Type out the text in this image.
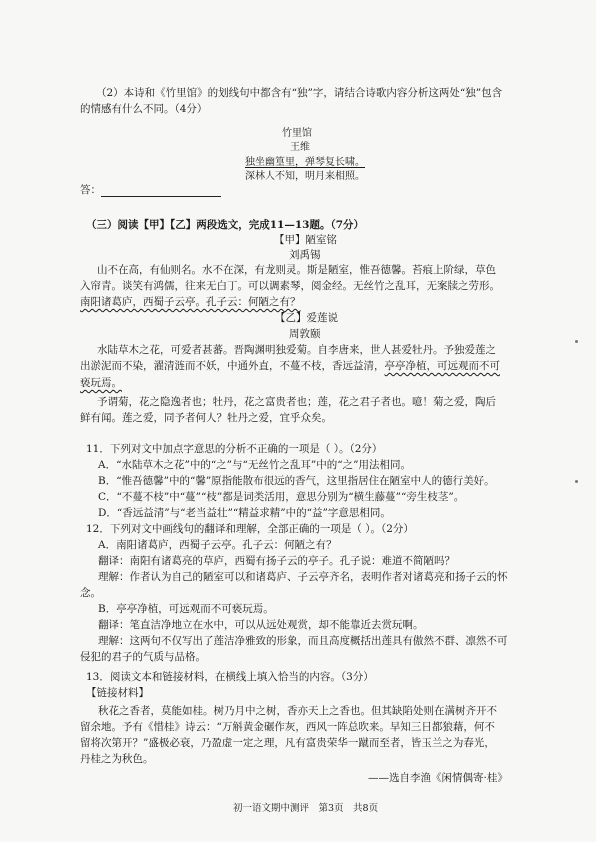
（2）本诗和《竹里馆》的划线句中都含有“独”字，请结合诗歌内容分析这两处“独”包含
的情感有什么不同。（4分）
竹里馆
王维
独坐幽篁里，弹琴复长啸。
深林人不知，明月来相照。
答：
（三）阅读【甲】【乙】两段选文，完成11—13题。（7分）
【甲】陋室铭
刘禹锡
山不在高，有仙则名。水不在深，有龙则灵。斯是陋室，惟吾德馨。苔痕上阶绿，草色
入帘青。谈笑有鸿儒，往来无白丁。可以调素琴，阅金经。无丝竹之乱耳，无案牍之劳形。
南阳诸葛庐，西蜀子云亭。孔子云：何陋之有？
【乙】爱莲说
周敦颐
水陆草木之花，可爱者甚蕃。晋陶渊明独爱菊。自李唐来，世人甚爱牡丹。予独爱莲之
出淤泥而不染，濯清涟而不妖，中通外直，不蔓不枝，香远益清，亭亭净植，可远观而不可
亵玩焉。
予谓菊，花之隐逸者也；牡丹，花之富贵者也；莲，花之君子者也。噫！菊之爱，陶后
鲜有闻。莲之爱，同予者何人？牡丹之爱，宜乎众矣。
11．下列对文中加点字意思的分析不正确的一项是（ ）。（2分）
A．“水陆草木之花”中的“之”与“无丝竹之乱耳”中的“之”用法相同。
B．“惟吾德馨”中的“馨”原指能散布很远的香气，这里指居住在陋室中人的德行美好。
C．“不蔓不枝”中“蔓”“枝”都是词类活用，意思分别为“横生藤蔓”“旁生枝茎”。
D．“香远益清”与“老当益壮”“精益求精”中的“益”字意思相同。
12．下列对文中画线句的翻译和理解，全部正确的一项是（ ）。（2分）
A．南阳诸葛庐，西蜀子云亭。孔子云：何陋之有？
翻译：南阳有诸葛亮的草庐，西蜀有扬子云的亭子。孔子说：难道不简陋吗？
理解：作者认为自己的陋室可以和诸葛庐、子云亭齐名，表明作者对诸葛亮和扬子云的怀
念。
B．亭亭净植，可远观而不可亵玩焉。
翻译：笔直洁净地立在水中，可以从远处观赏，却不能靠近去赏玩啊。
理解：这两句不仅写出了莲洁净雅致的形象，而且高度概括出莲具有傲然不群、凛然不可
侵犯的君子的气质与品格。
13．阅读文本和链接材料，在横线上填入恰当的内容。（3分）
【链接材料】
秋花之香者，莫能如桂。树乃月中之树，香亦天上之香也。但其缺陷处则在满树齐开不
留余地。予有《惜桂》诗云：“万斛黄金碾作灰，西风一阵总吹来。早知三日都狼藉，何不
留将次第开？”盛极必衰，乃盈虚一定之理，凡有富贵荣华一蹴而至者，皆玉兰之为春光，
丹桂之为秋色。
——选自李渔《闲情偶寄·桂》
初一语文期中测评　第3页　共8页
